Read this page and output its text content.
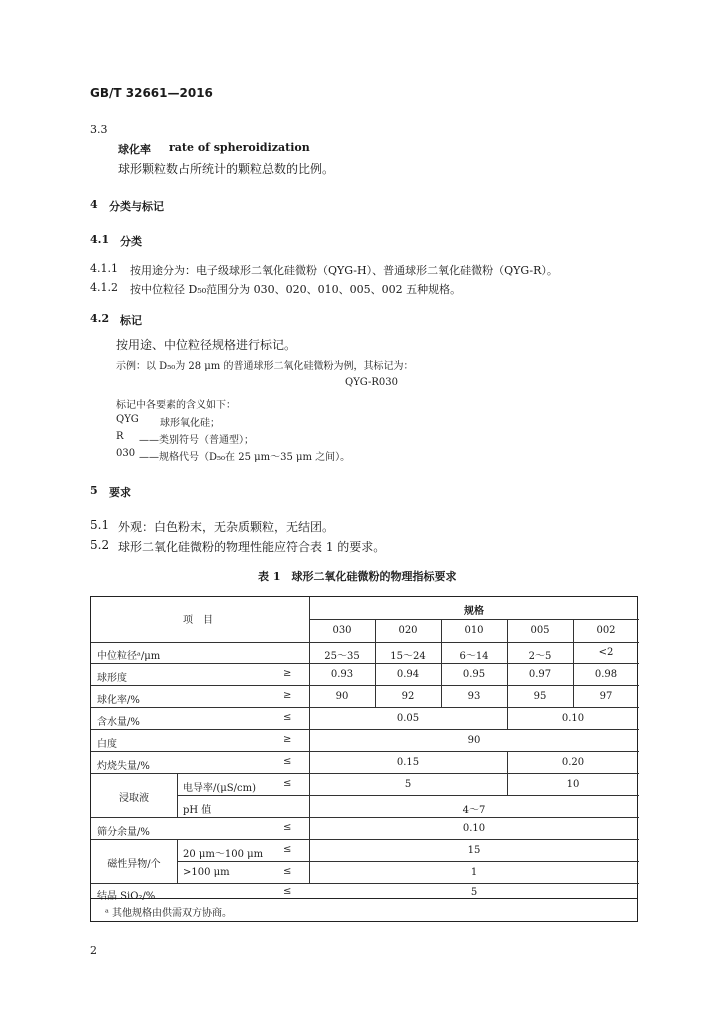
GB/T 32661—2016
3.3
球化率 rate of spheroidization
球形颗粒数占所统计的颗粒总数的比例。
4 分类与标记
4.1 分类
4.1.1 按用途分为：电子级球形二氧化硅微粉（QYG-H）、普通球形二氧化硅微粉（QYG-R）。
4.1.2 按中位粒径 D₅₀范围分为 030、020、010、005、002 五种规格。
4.2 标记
按用途、中位粒径规格进行标记。
示例：以 D₅₀为 28 μm 的普通球形二氧化硅微粉为例，其标记为：
QYG-R030
标记中各要素的含义如下：
QYG 球形氧化硅；
R ——类别符号（普通型）；
030 ——规格代号（D₅₀在 25 μm～35 μm 之间）。
5 要求
5.1 外观：白色粉末，无杂质颗粒，无结团。
5.2 球形二氧化硅微粉的物理性能应符合表 1 的要求。
表 1　球形二氧化硅微粉的物理指标要求
项　目
规格
030	020	010	005	002
中位粒径ᵃ/μm	25～35	15～24	6～14	2～5	<2
球形度	≥	0.93	0.94	0.95	0.97	0.98
球化率/%	≥	90	92	93	95	97
含水量/%	≤	0.05	0.10
白度	≥	90
灼烧失量/%	≤	0.15	0.20
浸取液
电导率/(μS/cm)	≤	5	10
pH 值	4～7
筛分余量/%	≤	0.10
磁性异物/个
20 μm～100 μm ≤	15
>100 μm	≤	1
结晶 SiO₂/%	≤	5
ᵃ 其他规格由供需双方协商。
2
